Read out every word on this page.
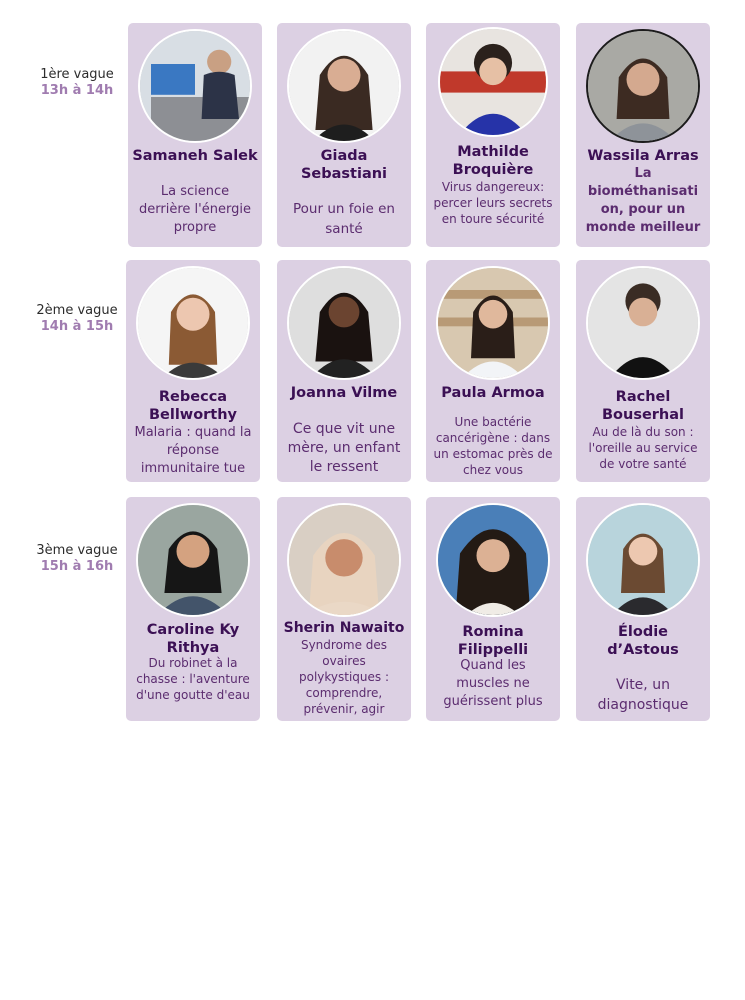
1ère vague
13h à 14h
2ème vague
14h à 15h
3ème vague
15h à 16h
Samaneh Salek
La science derrière l'énergie propre
Giada Sebastiani
Pour un foie en santé
Mathilde Broquière
Virus dangereux: percer leurs secrets en toure sécurité
Wassila Arras
La biométhanisati on, pour un monde meilleur
Rebecca Bellworthy
Malaria : quand la réponse immunitaire tue
Joanna Vilme
Ce que vit une mère, un enfant le ressent
Paula Armoa
Une bactérie cancérigène : dans un estomac près de chez vous
Rachel Bouserhal
Au de là du son : l'oreille au service de votre santé
Caroline Ky Rithya
Du robinet à la chasse : l'aventure d'une goutte d'eau
Sherin Nawaito
Syndrome des ovaires polykystiques : comprendre, prévenir, agir
Romina Filippelli
Quand les muscles ne guérissent plus
Élodie d’Astous
Vite, un diagnostique
